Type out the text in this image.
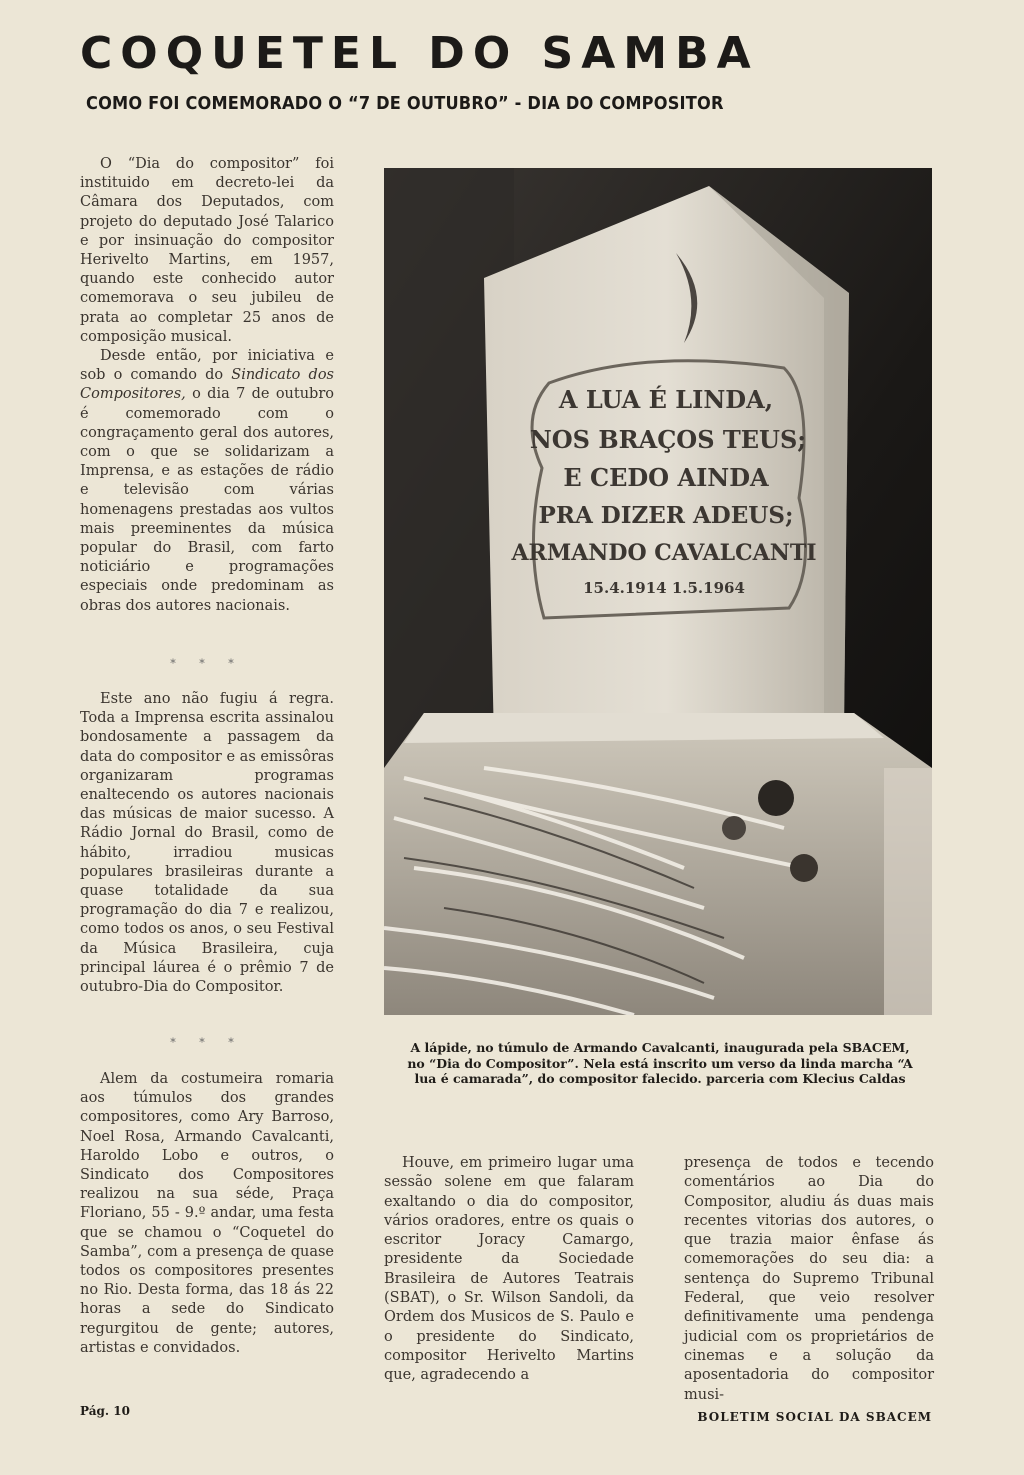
COQUETEL DO SAMBA
COMO FOI COMEMORADO O “7 DE OUTUBRO” - DIA DO COMPOSITOR

O “Dia do compositor” foi instituido em decreto-lei da Câmara dos Deputados, com projeto do deputado José Talarico e por insinuação do compositor Herivelto Martins, em 1957, quando este conhecido autor comemorava o seu jubileu de prata ao completar 25 anos de composição musical.

Desde então, por iniciativa e sob o comando do Sindicato dos Compositores, o dia 7 de outubro é comemorado com o congraçamento geral dos autores, com o que se solidarizam a Imprensa, e as estações de rádio e televisão com várias homenagens prestadas aos vultos mais preeminentes da música popular do Brasil, com farto noticiário e programações especiais onde predominam as obras dos autores nacionais.

* * *

Este ano não fugiu á regra. Toda a Imprensa escrita assinalou bondosamente a passagem da data do compositor e as emissôras organizaram programas enaltecendo os autores nacionais das músicas de maior sucesso. A Rádio Jornal do Brasil, como de hábito, irradiou musicas populares brasileiras durante a quase totalidade da sua programação do dia 7 e realizou, como todos os anos, o seu Festival da Música Brasileira, cuja principal láurea é o prêmio 7 de outubro-Dia do Compositor.

* * *

Alem da costumeira romaria aos túmulos dos grandes compositores, como Ary Barroso, Noel Rosa, Armando Cavalcanti, Haroldo Lobo e outros, o Sindicato dos Compositores realizou na sua séde, Praça Floriano, 55 - 9.º andar, uma festa que se chamou o “Coquetel do Samba”, com a presença de quase todos os compositores presentes no Rio. Desta forma, das 18 ás 22 horas a sede do Sindicato regurgitou de gente; autores, artistas e convidados.

A LUA É LINDA,
NOS BRAÇOS TEUS;
E CEDO AINDA
PRA DIZER ADEUS;
ARMANDO CAVALCANTI
15.4.1914 1.5.1964
A lápide, no túmulo de Armando Cavalcanti, inaugurada pela SBACEM, no “Dia do Compositor”. Nela está inscrito um verso da linda marcha “A lua é camarada”, do compositor falecido. parceria com Klecius Caldas

Houve, em primeiro lugar uma sessão solene em que falaram exaltando o dia do compositor, vários oradores, entre os quais o escritor Joracy Camargo, presidente da Sociedade Brasileira de Autores Teatrais (SBAT), o Sr. Wilson Sandoli, da Ordem dos Musicos de S. Paulo e o presidente do Sindicato, compositor Herivelto Martins que, agradecendo a

presença de todos e tecendo comentários ao Dia do Compositor, aludiu ás duas mais recentes vitorias dos autores, o que trazia maior ênfase ás comemorações do seu dia: a sentença do Supremo Tribunal Federal, que veio resolver definitivamente uma pendenga judicial com os proprietários de cinemas e a solução da aposentadoria do compositor musi-

Pág. 10	BOLETIM SOCIAL DA SBACEM
